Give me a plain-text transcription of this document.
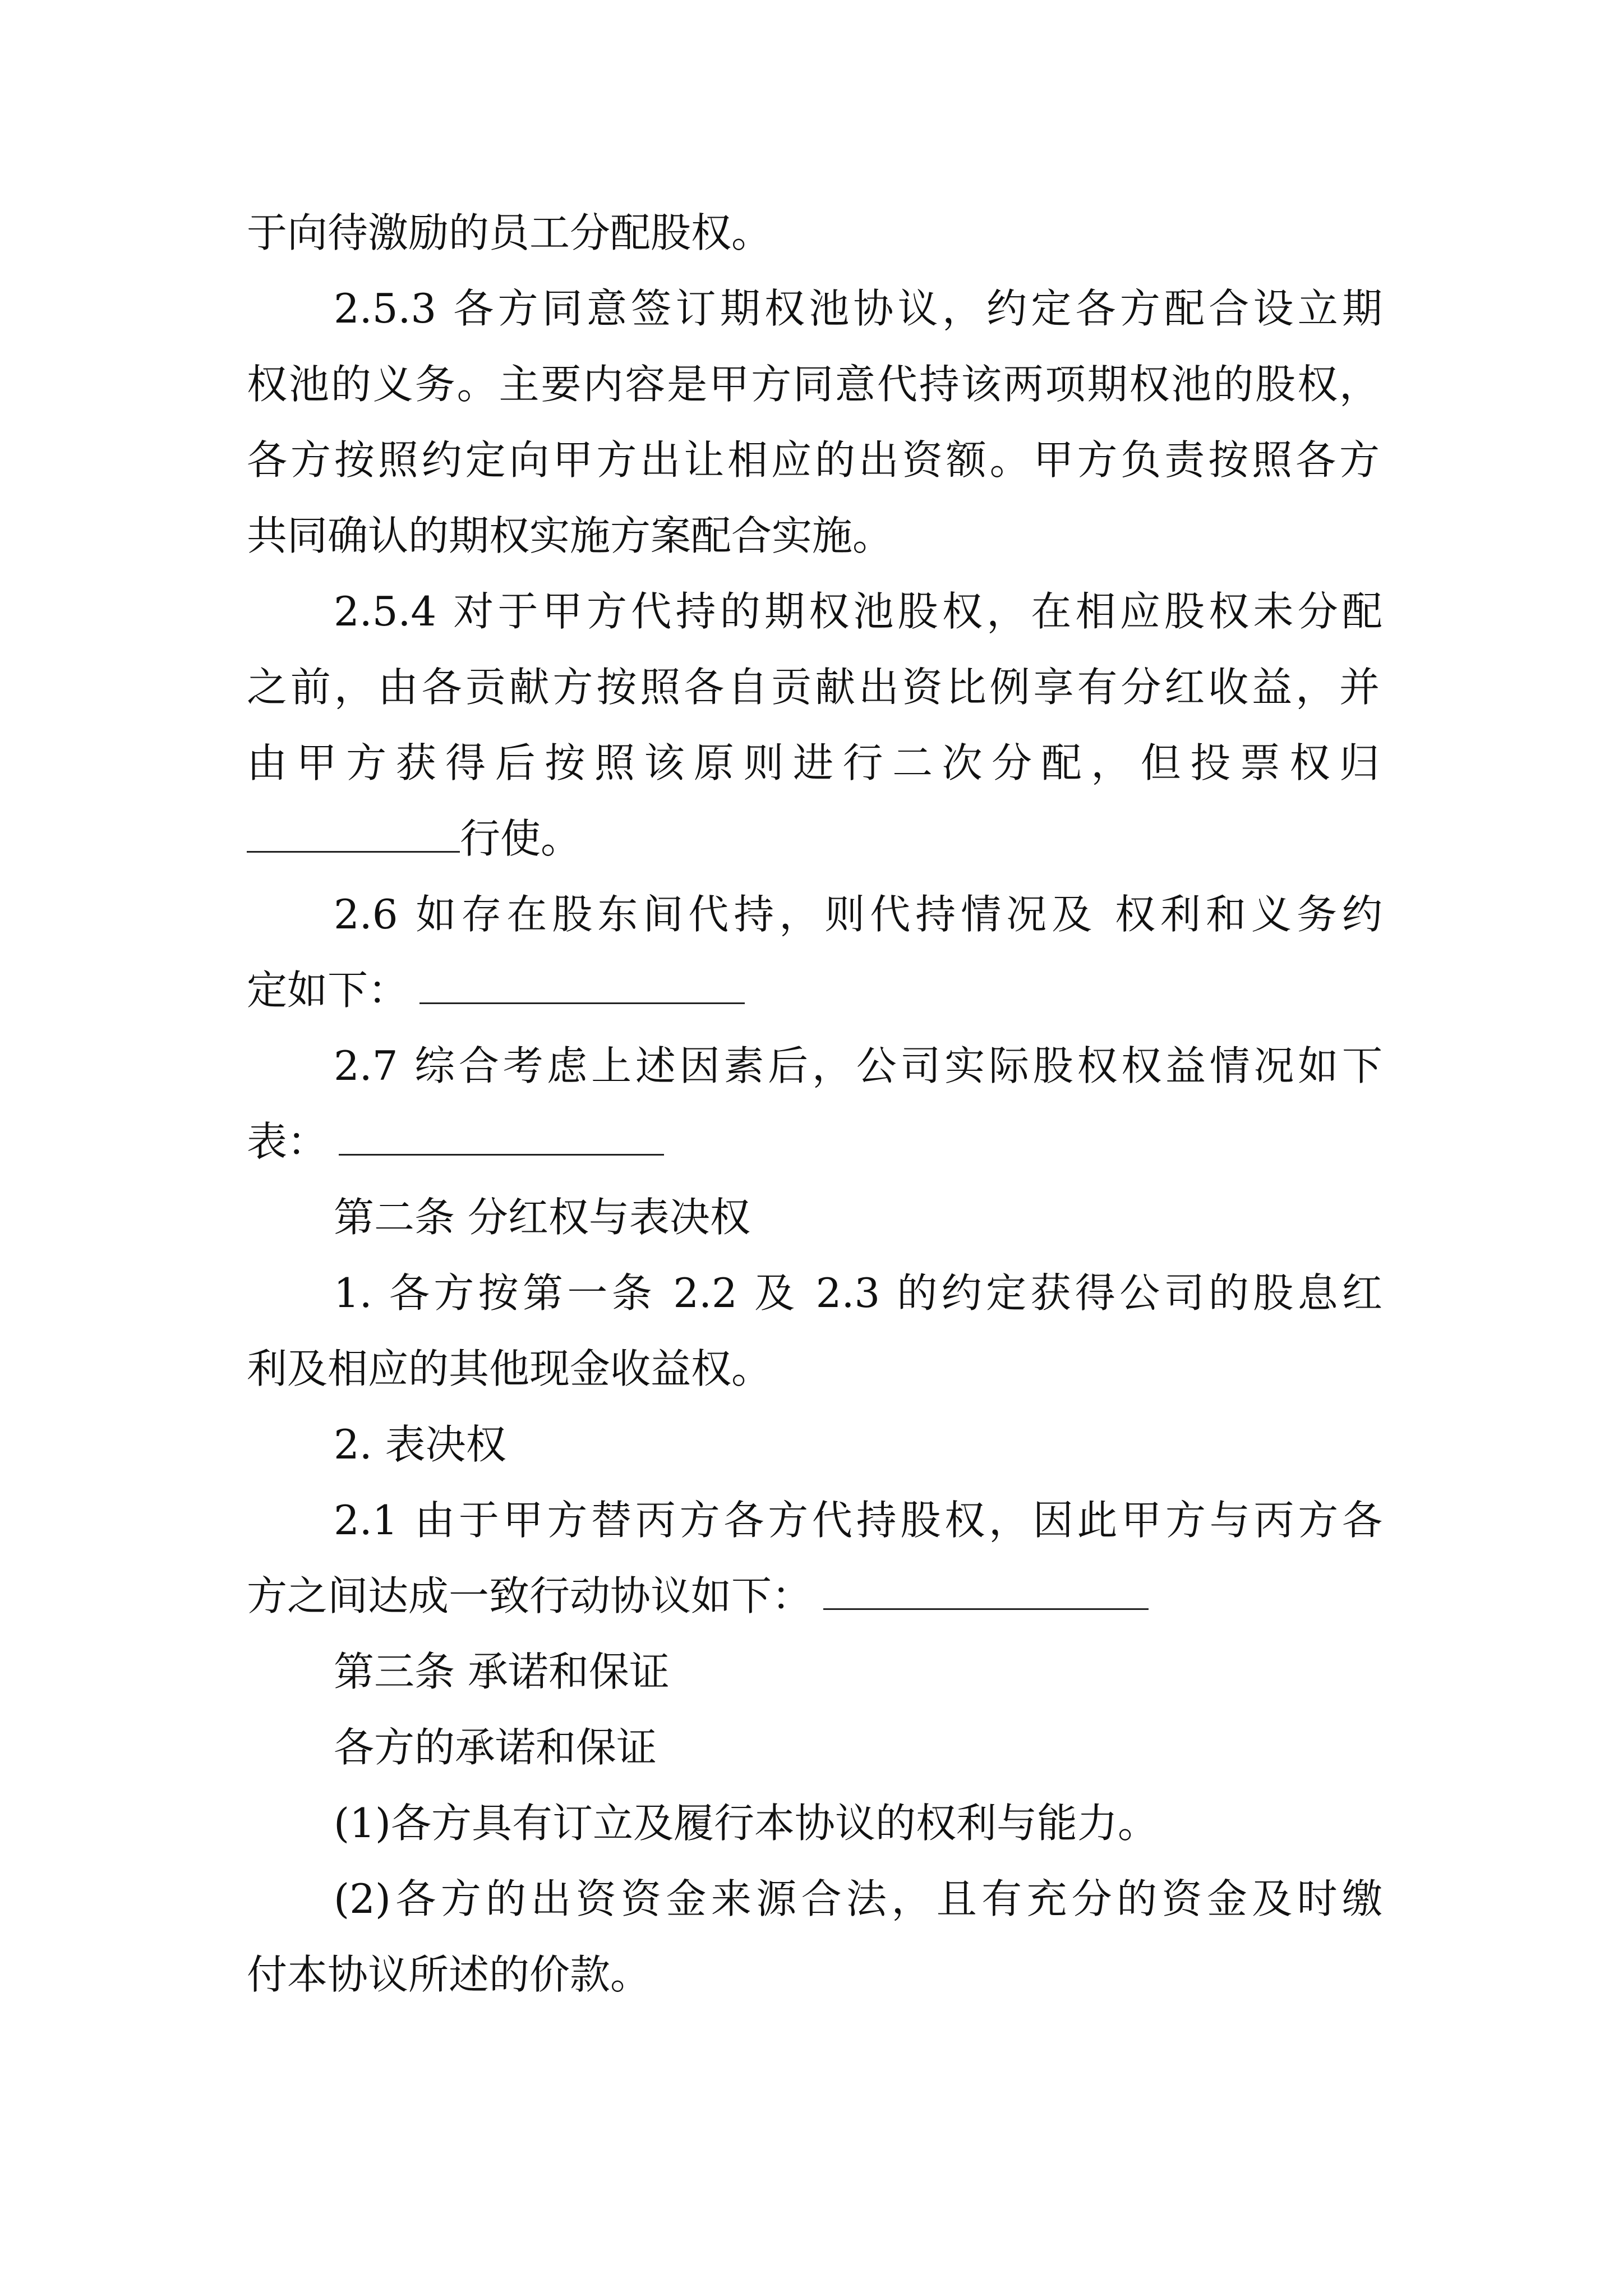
于向待激励的员工分配股权。
2.5.3 各方同意签订期权池协议，约定各方配合设立期
权池的义务。主要内容是甲方同意代持该两项期权池的股权，
各方按照约定向甲方出让相应的出资额。甲方负责按照各方
共同确认的期权实施方案配合实施。
2.5.4 对于甲方代持的期权池股权，在相应股权未分配
之前，由各贡献方按照各自贡献出资比例享有分红收益，并
由甲方获得后按照该原则进行二次分配，但投票权归
行使。
2.6 如存在股东间代持，则代持情况及 权利和义务约
定如下：
2.7 综合考虑上述因素后，公司实际股权权益情况如下
表：
第二条 分红权与表决权
1. 各方按第一条 2.2 及 2.3 的约定获得公司的股息红
利及相应的其他现金收益权。
2. 表决权
2.1 由于甲方替丙方各方代持股权，因此甲方与丙方各
方之间达成一致行动协议如下：
第三条 承诺和保证
各方的承诺和保证
(1)各方具有订立及履行本协议的权利与能力。
(2)各方的出资资金来源合法，且有充分的资金及时缴
付本协议所述的价款。
